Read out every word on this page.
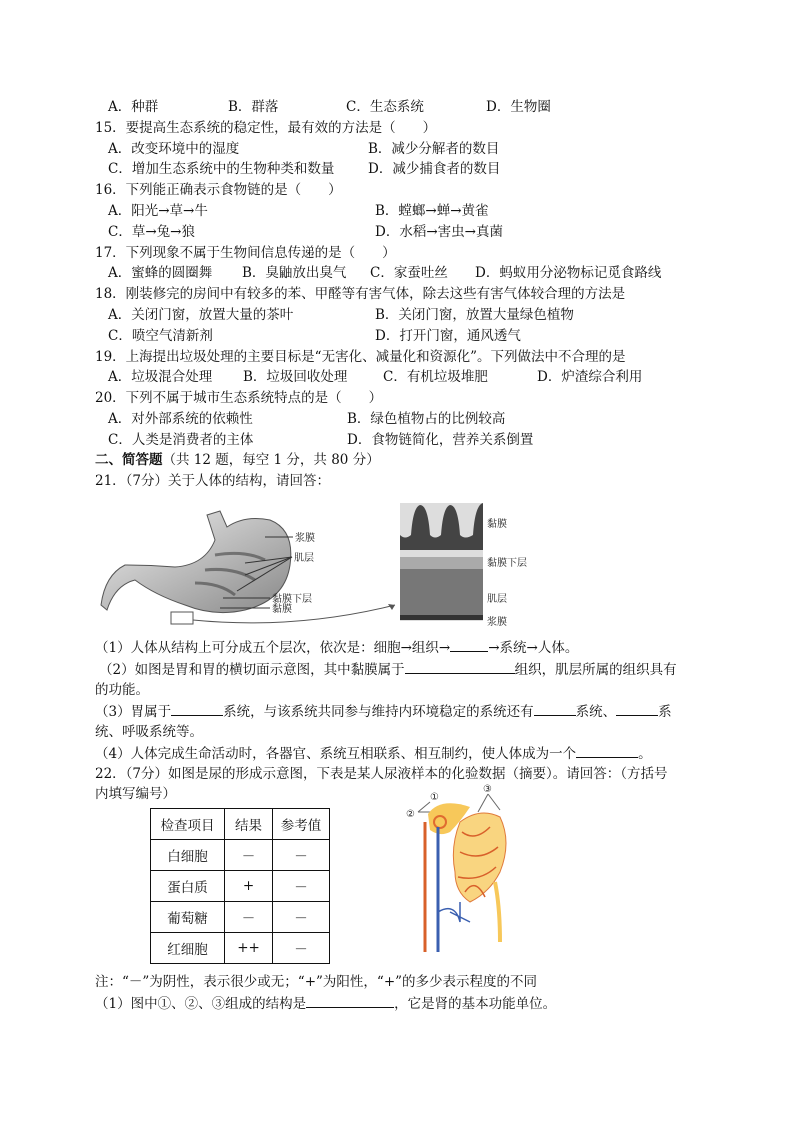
A．种群	B．群落	C．生态系统	D．生物圈
15．要提高生态系统的稳定性，最有效的方法是（　　）
A．改变环境中的湿度	B．减少分解者的数目
C．增加生态系统中的生物种类和数量 D．减少捕食者的数目
16．下列能正确表示食物链的是（　　）
A．阳光→草→牛	B．螳螂→蝉→黄雀
C．草→兔→狼	D．水稻→害虫→真菌
17．下列现象不属于生物间信息传递的是（　　）
A．蜜蜂的圆圈舞 B．臭鼬放出臭气 C．家蚕吐丝 D．蚂蚁用分泌物标记觅食路线
18．刚装修完的房间中有较多的苯、甲醛等有害气体，除去这些有害气体较合理的方法是
A．关闭门窗，放置大量的茶叶	B．关闭门窗，放置大量绿色植物
C．喷空气清新剂	D．打开门窗，通风透气
19．上海提出垃圾处理的主要目标是“无害化、减量化和资源化”。下列做法中不合理的是
A．垃圾混合处理 B．垃圾回收处理	C．有机垃圾堆肥	D．炉渣综合利用
20．下列不属于城市生态系统特点的是（　　）
A．对外部系统的依赖性	B．绿色植物占的比例较高
C．人类是消费者的主体	D．食物链简化，营养关系倒置
二、简答题（共 12 题，每空 1 分，共 80 分）
21．（7分）关于人体的结构，请回答：
浆膜
肌层
黏膜下层
黏膜
黏膜
黏膜下层
肌层
浆膜
（1）人体从结构上可分成五个层次，依次是：细胞→组织→	→系统→人体。
（2）如图是胃和胃的横切面示意图，其中黏膜属于	组织，肌层所属的组织具有
的功能。
（3）胃属于	系统，与该系统共同参与维持内环境稳定的系统还有	系统、	系
统、呼吸系统等。
（4）人体完成生命活动时，各器官、系统互相联系、相互制约，使人体成为一个	。
22．（7分）如图是尿的形成示意图，下表是某人尿液样本的化验数据（摘要）。请回答：（方括号
内填写编号）
检查项目	结果	参考值
白细胞	－	－
蛋白质	+	－
葡萄糖	－	－
红细胞	++	－
①
②
③
注：“－”为阴性，表示很少或无；“+”为阳性，“+”的多少表示程度的不同
（1）图中①、②、③组成的结构是	，它是肾的基本功能单位。
